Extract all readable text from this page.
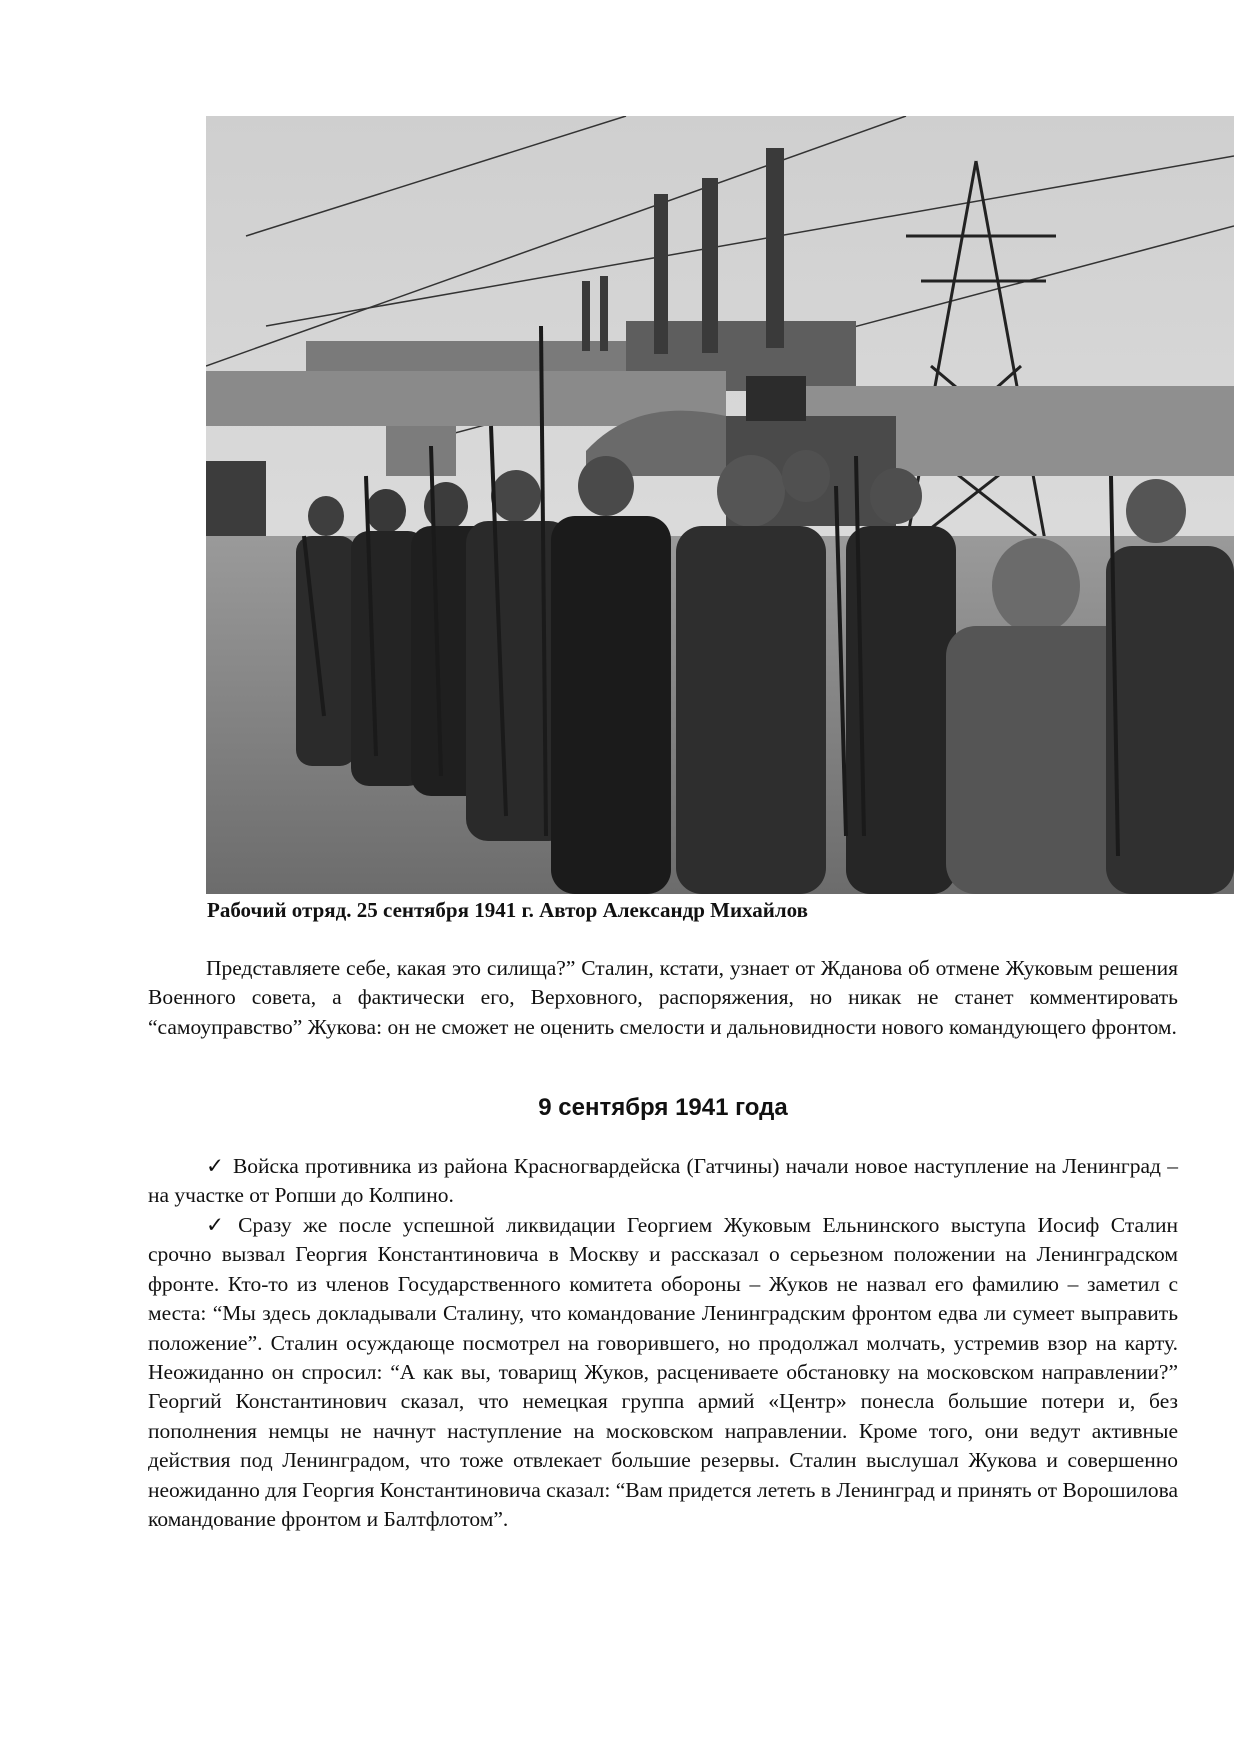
Рабочий отряд. 25 сентября 1941 г. Автор Александр Михайлов

Представляете себе, какая это силища?” Сталин, кстати, узнает от Жданова об отмене Жуковым решения Военного совета, а фактически его, Верховного, распоряжения, но никак не станет комментировать “самоуправство” Жукова: он не сможет не оценить смелости и дальновидности нового командующего фронтом.

9 сентября 1941 года

✓ Войска противника из района Красногвардейска (Гатчины) начали новое наступление на Ленинград – на участке от Ропши до Колпино.

✓ Сразу же после успешной ликвидации Георгием Жуковым Ельнинского выступа Иосиф Сталин срочно вызвал Георгия Константиновича в Москву и рассказал о серьезном положении на Ленинградском фронте. Кто-то из членов Государственного комитета обороны – Жуков не назвал его фамилию – заметил с места: “Мы здесь докладывали Сталину, что командование Ленинградским фронтом едва ли сумеет выправить положение”. Сталин осуждающе посмотрел на говорившего, но продолжал молчать, устремив взор на карту. Неожиданно он спросил: “А как вы, товарищ Жуков, расцениваете обстановку на московском направлении?” Георгий Константинович сказал, что немецкая группа армий «Центр» понесла большие потери и, без пополнения немцы не начнут наступление на московском направлении. Кроме того, они ведут активные действия под Ленинградом, что тоже отвлекает большие резервы. Сталин выслушал Жукова и совершенно неожиданно для Георгия Константиновича сказал: “Вам придется лететь в Ленинград и принять от Ворошилова командование фронтом и Балтфлотом”.
